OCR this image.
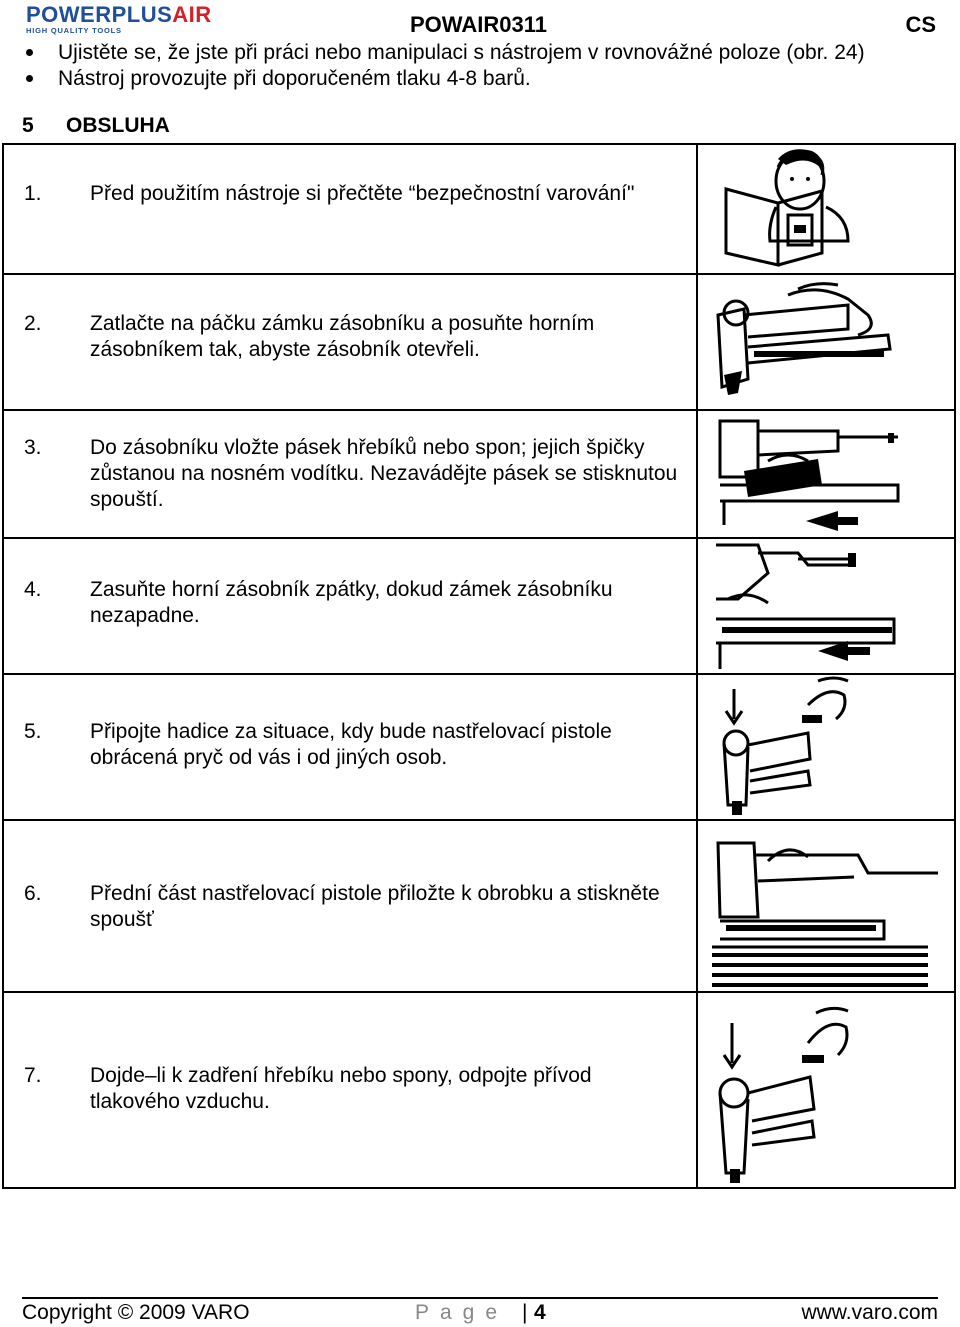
POWERPLUSAIR
HIGH QUALITY TOOLS	POWAIR0311	CS
Ujistěte se, že jste při práci nebo manipulaci s nástrojem v rovnovážné poloze (obr. 24)
Nástroj provozujte při doporučeném tlaku 4-8 barů.
5 OBSLUHA
1. Před použitím nástroje si přečtěte “bezpečnostní varování"

2. Zatlačte na páčku zámku zásobníku a posuňte horním zásobníkem tak, abyste zásobník otevřeli.

3. Do zásobníku vložte pásek hřebíků nebo spon; jejich špičky zůstanou na nosném vodítku. Nezavádějte pásek se stisknutou spouští.

4. Zasuňte horní zásobník zpátky, dokud zámek zásobníku nezapadne.

5. Připojte hadice za situace, kdy bude nastřelovací pistole obrácená pryč od vás i od jiných osob.

6. Přední část nastřelovací pistole přiložte k obrobku a stiskněte spoušť

7. Dojde–li k zadření hřebíku nebo spony, odpojte přívod tlakového vzduchu.

Copyright © 2009 VARO	Page | 4	www.varo.com
